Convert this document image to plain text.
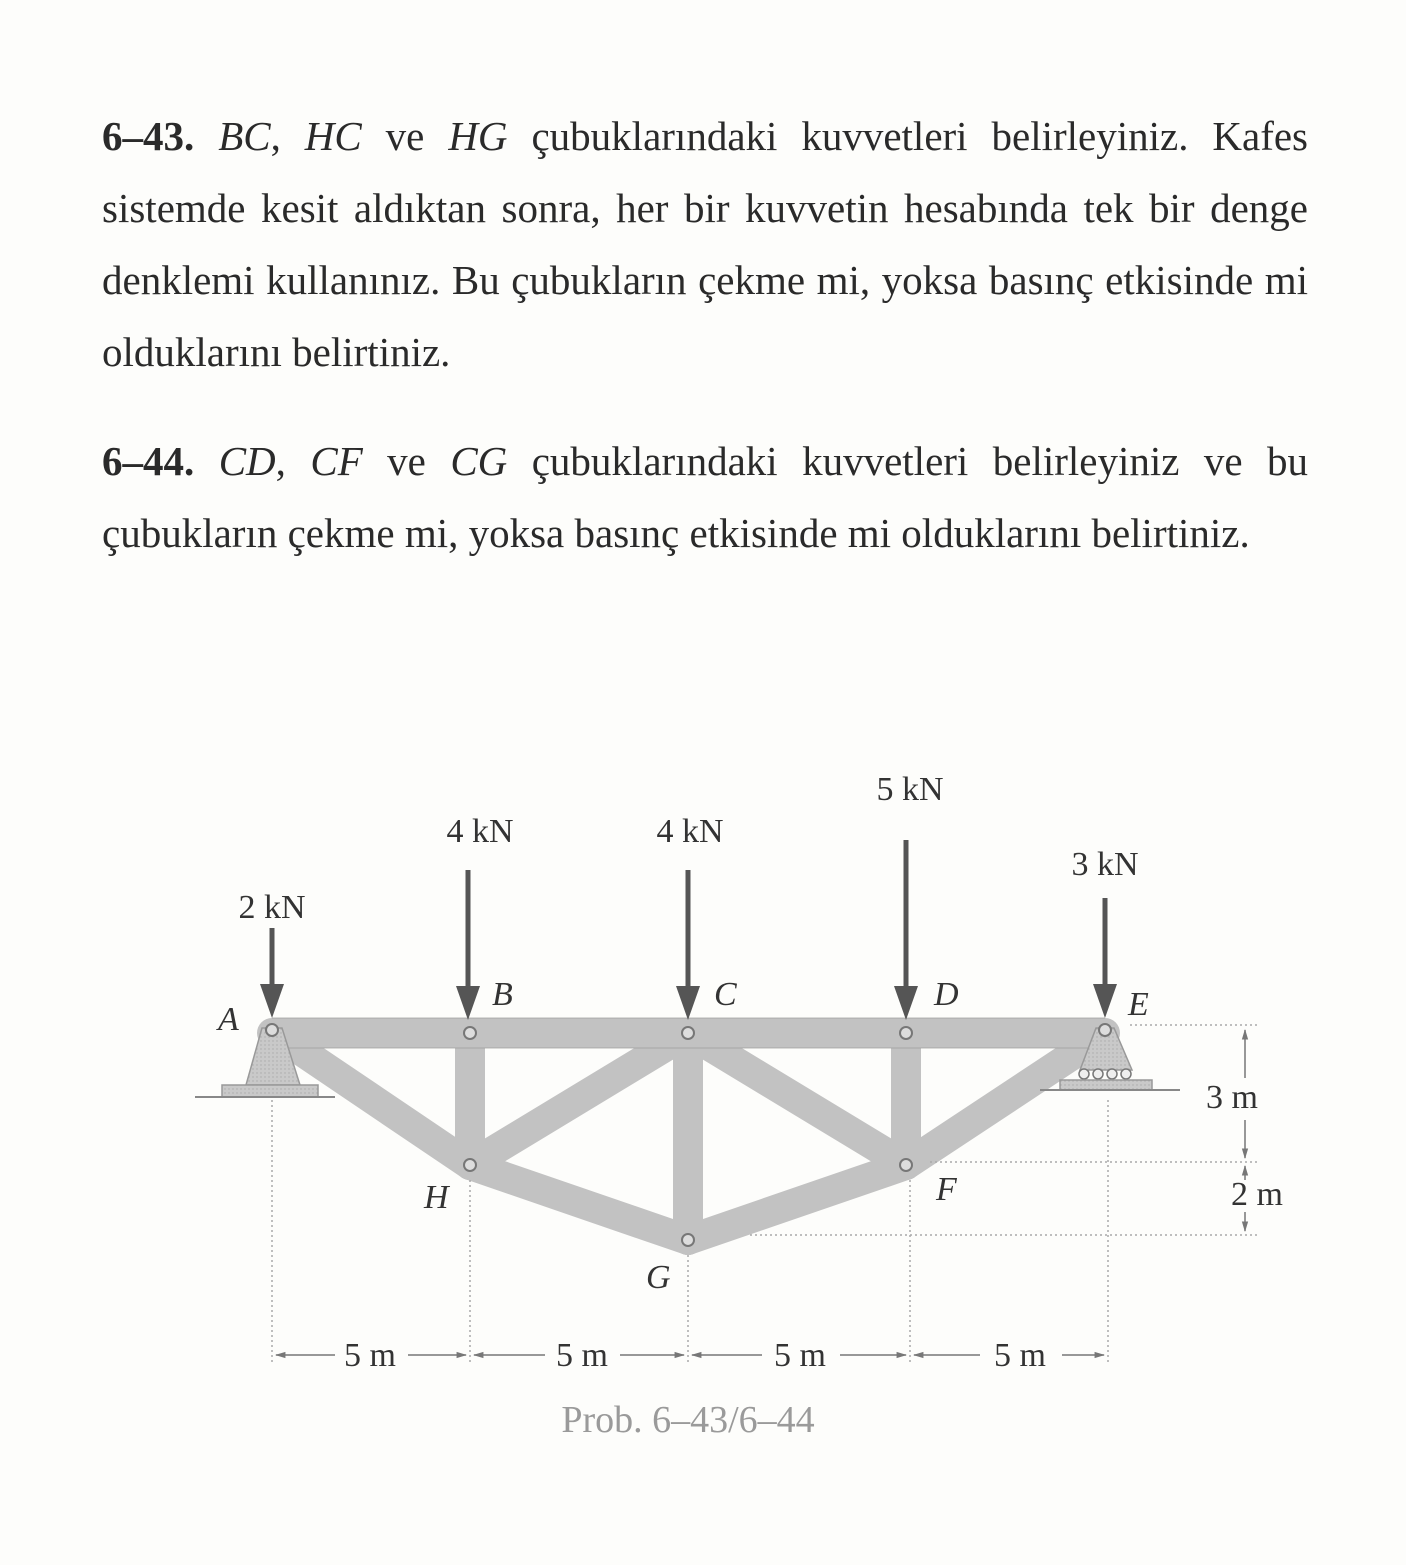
6–43. BC, HC ve HG çubuklarındaki kuvvetleri belirleyiniz. Kafes sistemde kesit aldıktan sonra, her bir kuvvetin hesabında tek bir denge denklemi kullanınız. Bu çubukların çekme mi, yoksa basınç etkisinde mi olduklarını belirtiniz.
6–44. CD, CF ve CG çubuklarındaki kuvvetleri belirleyiniz ve bu çubukların çekme mi, yoksa basınç etkisinde mi olduklarını belirtiniz.
2 kN
4 kN	4 kN
5 kN
3 kN
A
B	C	D	E
H
G
F
5 m	5 m	5 m	5 m
3 m
2 m
Prob. 6–43/6–44
